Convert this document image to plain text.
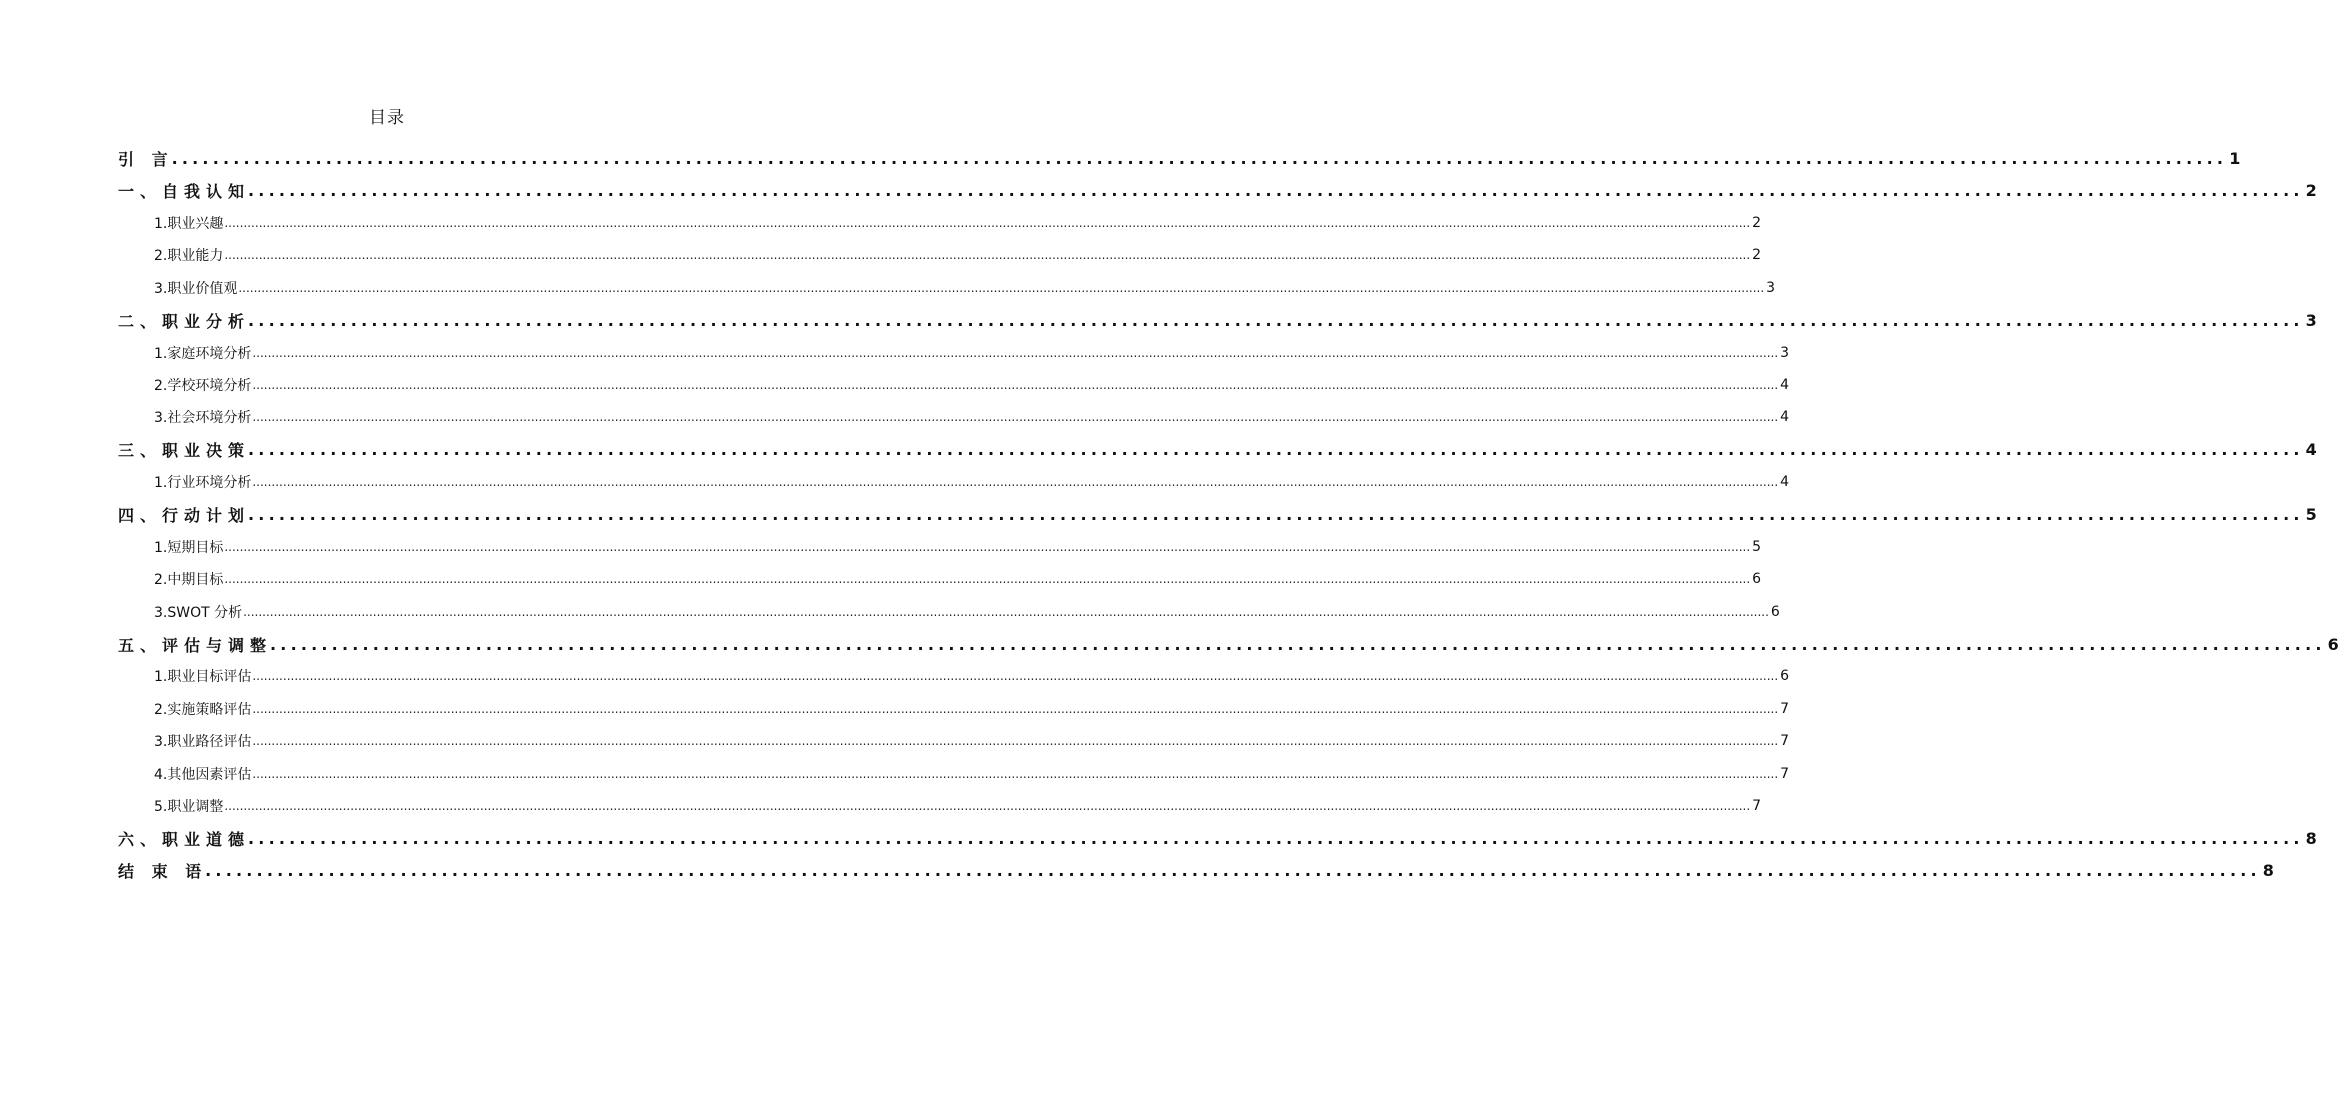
目录
引 言
........................................................................................................................................................................................................ 1
一、自我认知
........................................................................................................................................................................................................ 2
1.职业兴趣 ................................................................................................................................................................................................................................................................................................................................................................................................................ 2
2.职业能力 ................................................................................................................................................................................................................................................................................................................................................................................................................ 2
3.职业价值观 ................................................................................................................................................................................................................................................................................................................................................................................................................ 3
二、职业分析
........................................................................................................................................................................................................ 3
1.家庭环境分析 ................................................................................................................................................................................................................................................................................................................................................................................................................ 3
2.学校环境分析 ................................................................................................................................................................................................................................................................................................................................................................................................................ 4
3.社会环境分析 ................................................................................................................................................................................................................................................................................................................................................................................................................ 4
三、职业决策
........................................................................................................................................................................................................ 4
1.行业环境分析 ................................................................................................................................................................................................................................................................................................................................................................................................................ 4
四、行动计划
........................................................................................................................................................................................................ 5
1.短期目标 ................................................................................................................................................................................................................................................................................................................................................................................................................ 5
2.中期目标 ................................................................................................................................................................................................................................................................................................................................................................................................................ 6
3.SWOT 分析 ................................................................................................................................................................................................................................................................................................................................................................................................................ 6
五、评估与调整
........................................................................................................................................................................................................ 6
1.职业目标评估 ................................................................................................................................................................................................................................................................................................................................................................................................................ 6
2.实施策略评估 ................................................................................................................................................................................................................................................................................................................................................................................................................ 7
3.职业路径评估 ................................................................................................................................................................................................................................................................................................................................................................................................................ 7
4.其他因素评估 ................................................................................................................................................................................................................................................................................................................................................................................................................ 7
5.职业调整 ................................................................................................................................................................................................................................................................................................................................................................................................................ 7
六、职业道德
........................................................................................................................................................................................................ 8
结 束 语
........................................................................................................................................................................................................ 8
